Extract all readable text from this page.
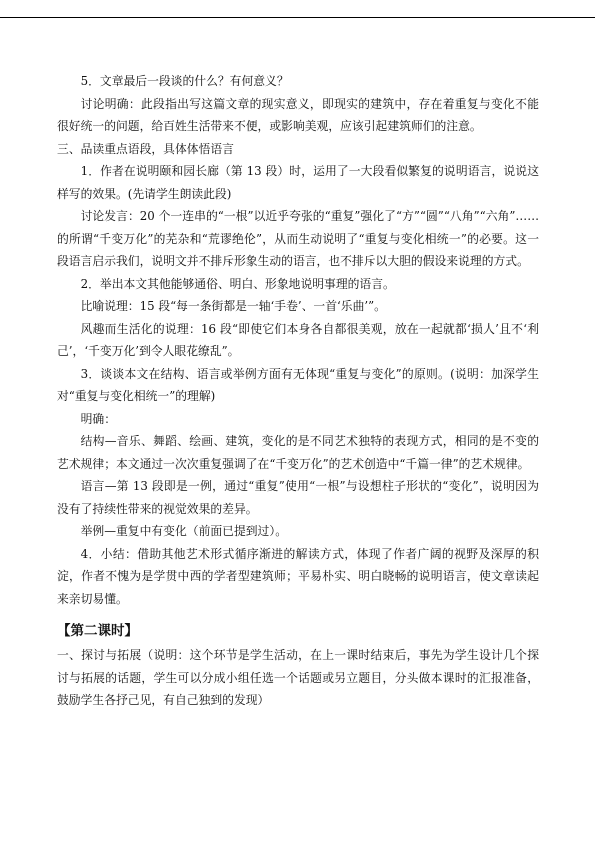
5．文章最后一段谈的什么？有何意义？

讨论明确：此段指出写这篇文章的现实意义，即现实的建筑中，存在着重复与变化不能很好统一的问题，给百姓生活带来不便，或影响美观，应该引起建筑师们的注意。

三、品读重点语段，具体体悟语言

1．作者在说明颐和园长廊（第 13 段）时，运用了一大段看似繁复的说明语言，说说这样写的效果。(先请学生朗读此段)

讨论发言：20 个一连串的“一根”以近乎夸张的“重复”强化了“方”“圆”“八角”“六角”……的所谓“千变万化”的芜杂和“荒谬绝伦”，从而生动说明了“重复与变化相统一”的必要。这一段语言启示我们，说明文并不排斥形象生动的语言，也不排斥以大胆的假设来说理的方式。

2．举出本文其他能够通俗、明白、形象地说明事理的语言。

比喻说理：15 段“每一条街都是一轴‘手卷’、一首‘乐曲’”。

风趣而生活化的说理：16 段“即使它们本身各自都很美观，放在一起就都‘损人’且不‘利己’，‘千变万化’到令人眼花缭乱”。

3．谈谈本文在结构、语言或举例方面有无体现“重复与变化”的原则。(说明：加深学生对“重复与变化相统一”的理解)

明确：

结构—音乐、舞蹈、绘画、建筑，变化的是不同艺术独特的表现方式，相同的是不变的艺术规律；本文通过一次次重复强调了在“千变万化”的艺术创造中“千篇一律”的艺术规律。

语言—第 13 段即是一例，通过“重复”使用“一根”与设想柱子形状的“变化”，说明因为没有了持续性带来的视觉效果的差异。

举例—重复中有变化（前面已提到过）。

4．小结：借助其他艺术形式循序渐进的解读方式，体现了作者广阔的视野及深厚的积淀，作者不愧为是学贯中西的学者型建筑师；平易朴实、明白晓畅的说明语言，使文章读起来亲切易懂。

【第二课时】

一、探讨与拓展（说明：这个环节是学生活动，在上一课时结束后，事先为学生设计几个探讨与拓展的话题，学生可以分成小组任选一个话题或另立题目，分头做本课时的汇报准备，鼓励学生各抒己见，有自己独到的发现）
